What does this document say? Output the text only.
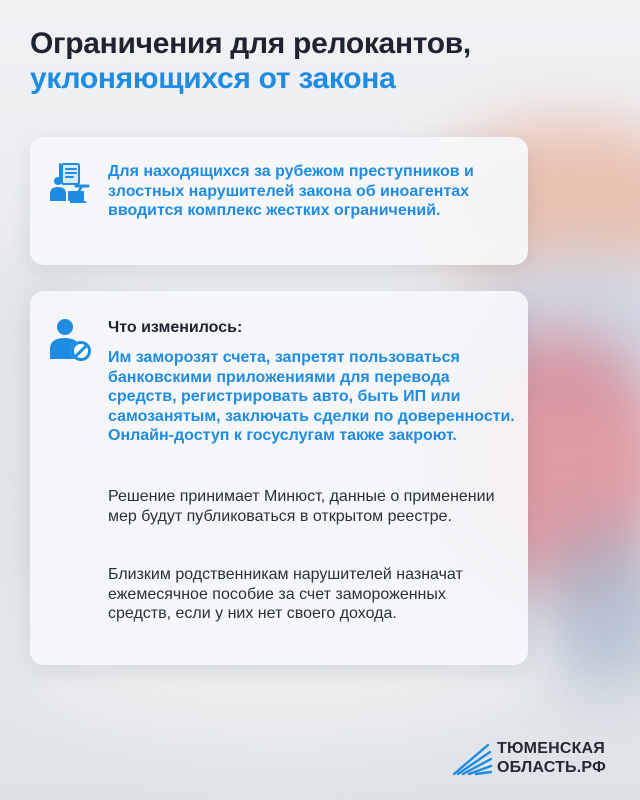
Ограничения для релокантов,
уклоняющихся от закона
Для находящихся за рубежом преступников и злостных нарушителей закона об иноагентах вводится комплекс жестких ограничений.
Что изменилось:
Им заморозят счета, запретят пользоваться банковскими приложениями для перевода средств, регистрировать авто, быть ИП или самозанятым, заключать сделки по доверенности. Онлайн-доступ к госуслугам также закроют.
Решение принимает Минюст, данные о применении мер будут публиковаться в открытом реестре.
Близким родственникам нарушителей назначат ежемесячное пособие за счет замороженных средств, если у них нет своего дохода.
ТЮМЕНСКАЯ
ОБЛАСТЬ.РФ
